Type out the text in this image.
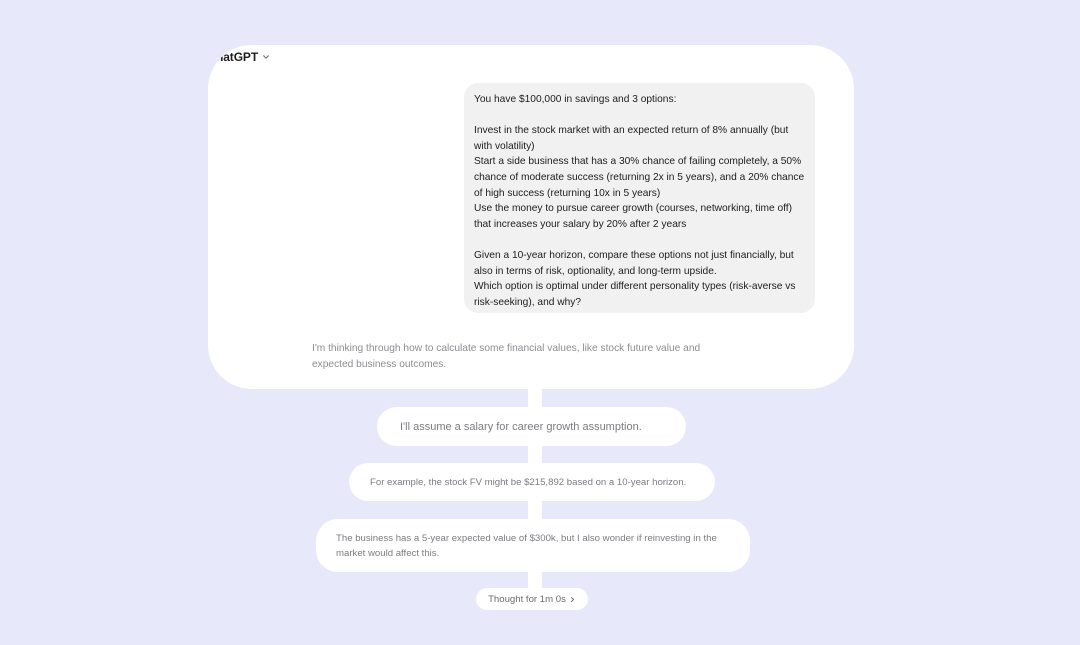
natGPT

You have $100,000 in savings and 3 options:

Invest in the stock market with an expected return of 8% annually (but with volatility)

Start a side business that has a 30% chance of failing completely, a 50% chance of moderate success (returning 2x in 5 years), and a 20% chance of high success (returning 10x in 5 years)

Use the money to pursue career growth (courses, networking, time off) that increases your salary by 20% after 2 years

Given a 10-year horizon, compare these options not just financially, but also in terms of risk, optionality, and long-term upside.

Which option is optimal under different personality types (risk-averse vs risk-seeking), and why?

I'm thinking through how to calculate some financial values, like stock future value and expected business outcomes.
I'll assume a salary for career growth assumption.
For example, the stock FV might be $215,892 based on a 10-year horizon.
The business has a 5-year expected value of $300k, but I also wonder if reinvesting in the market would affect this.
Thought for 1m 0s
